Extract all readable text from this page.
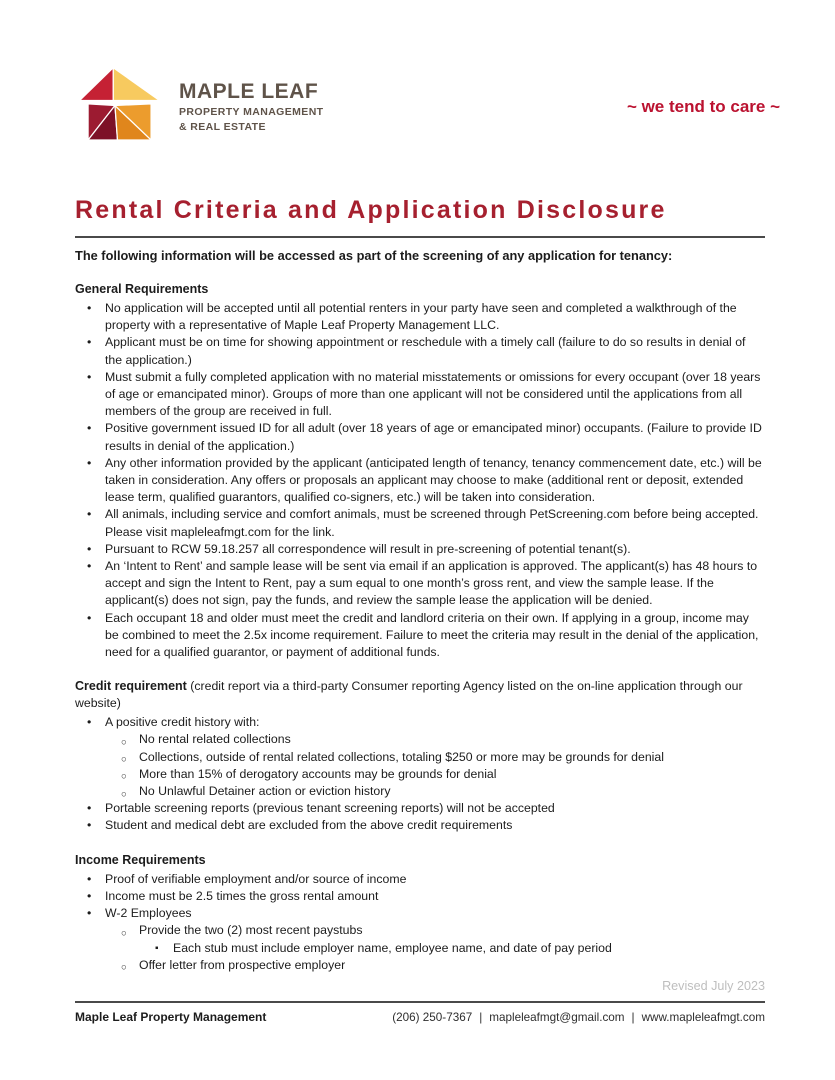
MAPLE LEAF
PROPERTY MANAGEMENT
& REAL ESTATE
~ we tend to care ~
Rental Criteria and Application Disclosure

The following information will be accessed as part of the screening of any application for tenancy:

General Requirements

• No application will be accepted until all potential renters in your party have seen and completed a walkthrough of the property with a representative of Maple Leaf Property Management LLC.
• Applicant must be on time for showing appointment or reschedule with a timely call (failure to do so results in denial of the application.)
• Must submit a fully completed application with no material misstatements or omissions for every occupant (over 18 years of age or emancipated minor). Groups of more than one applicant will not be considered until the applications from all members of the group are received in full.
• Positive government issued ID for all adult (over 18 years of age or emancipated minor) occupants. (Failure to provide ID results in denial of the application.)
• Any other information provided by the applicant (anticipated length of tenancy, tenancy commencement date, etc.) will be taken in consideration. Any offers or proposals an applicant may choose to make (additional rent or deposit, extended lease term, qualified guarantors, qualified co-signers, etc.) will be taken into consideration.
• All animals, including service and comfort animals, must be screened through PetScreening.com before being accepted. Please visit mapleleafmgt.com for the link.
• Pursuant to RCW 59.18.257 all correspondence will result in pre-screening of potential tenant(s).
• An ‘Intent to Rent’ and sample lease will be sent via email if an application is approved. The applicant(s) has 48 hours to accept and sign the Intent to Rent, pay a sum equal to one month’s gross rent, and view the sample lease. If the applicant(s) does not sign, pay the funds, and review the sample lease the application will be denied.
• Each occupant 18 and older must meet the credit and landlord criteria on their own. If applying in a group, income may be combined to meet the 2.5x income requirement. Failure to meet the criteria may result in the denial of the application, need for a qualified guarantor, or payment of additional funds.

Credit requirement (credit report via a third-party Consumer reporting Agency listed on the on-line application through our website)

• A positive credit history with:
○ No rental related collections
○ Collections, outside of rental related collections, totaling $250 or more may be grounds for denial
○ More than 15% of derogatory accounts may be grounds for denial
○ No Unlawful Detainer action or eviction history
• Portable screening reports (previous tenant screening reports) will not be accepted
• Student and medical debt are excluded from the above credit requirements

Income Requirements

• Proof of verifiable employment and/or source of income
• Income must be 2.5 times the gross rental amount
• W-2 Employees
○ Provide the two (2) most recent paystubs
▪ Each stub must include employer name, employee name, and date of pay period
○ Offer letter from prospective employer
Revised July 2023
Maple Leaf Property Management	(206) 250-7367 | mapleleafmgt@gmail.com | www.mapleleafmgt.com
